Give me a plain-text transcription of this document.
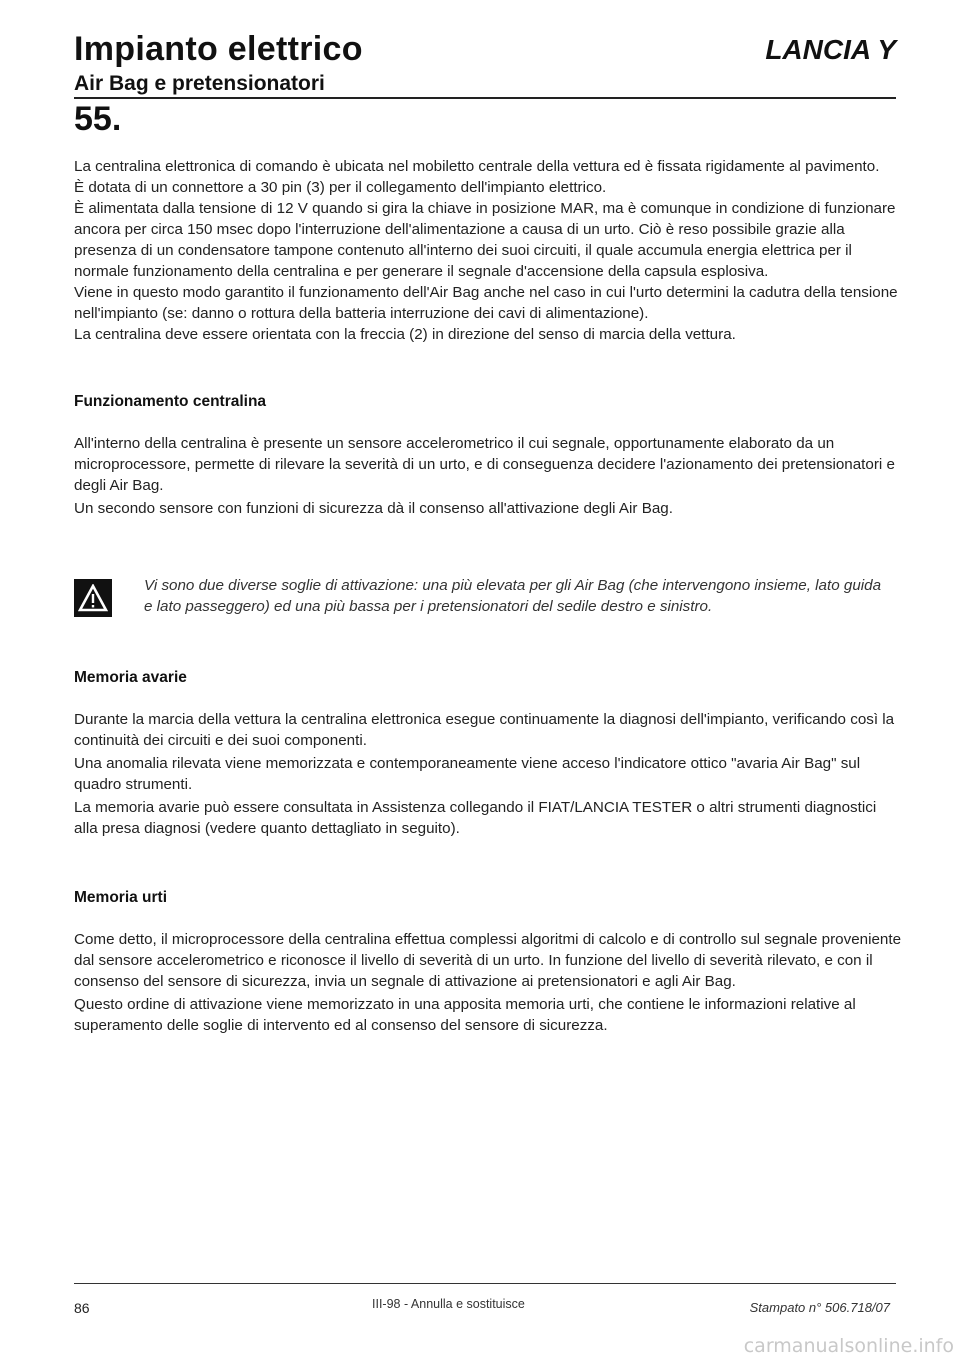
Impianto elettrico	LANCIA Y
Air Bag e pretensionatori
55.

La centralina elettronica di comando è ubicata nel mobiletto centrale della vettura ed è fissata rigidamente al pavimento.

È dotata di un connettore a 30 pin (3) per il collegamento dell'impianto elettrico.

È alimentata dalla tensione di 12 V quando si gira la chiave in posizione MAR, ma è comunque in condizione di funzionare ancora per circa 150 msec dopo l'interruzione dell'alimentazione a causa di un urto. Ciò è reso possibile grazie alla presenza di un condensatore tampone contenuto all'interno dei suoi circuiti, il quale accumula energia elettrica per il normale funzionamento della centralina e per generare il segnale d'accensione della capsula esplosiva.

Viene in questo modo garantito il funzionamento dell'Air Bag anche nel caso in cui l'urto determini la cadutra della tensione nell'impianto (se: danno o rottura della batteria interruzione dei cavi di alimentazione).

La centralina deve essere orientata con la freccia (2) in direzione del senso di marcia della vettura.

Funzionamento centralina

All'interno della centralina è presente un sensore accelerometrico il cui segnale, opportunamente elaborato da un microprocessore, permette di rilevare la severità di un urto, e di conseguenza decidere l'azionamento dei pretensionatori e degli Air Bag.

Un secondo sensore con funzioni di sicurezza dà il consenso all'attivazione degli Air Bag.

Vi sono due diverse soglie di attivazione: una più elevata per gli Air Bag (che intervengono insieme, lato guida e lato passeggero) ed una più bassa per i pretensionatori del sedile destro e sinistro.
Memoria avarie

Durante la marcia della vettura la centralina elettronica esegue continuamente la diagnosi dell'impianto, verificando così la continuità dei circuiti e dei suoi componenti.

Una anomalia rilevata viene memorizzata e contemporaneamente viene acceso l'indicatore ottico "avaria Air Bag" sul quadro strumenti.

La memoria avarie può essere consultata in Assistenza collegando il FIAT/LANCIA TESTER o altri strumenti diagnostici alla presa diagnosi (vedere quanto dettagliato in seguito).

Memoria urti

Come detto, il microprocessore della centralina effettua complessi algoritmi di calcolo e di controllo sul segnale proveniente dal sensore accelerometrico e riconosce il livello di severità di un urto. In funzione del livello di severità rilevato, e con il consenso del sensore di sicurezza, invia un segnale di attivazione ai pretensionatori e agli Air Bag.

Questo ordine di attivazione viene memorizzato in una apposita memoria urti, che contiene le informazioni relative al superamento delle soglie di intervento ed al consenso del sensore di sicurezza.

86	III-98 - Annulla e sostituisce	Stampato n° 506.718/07
carmanualsonline.info
